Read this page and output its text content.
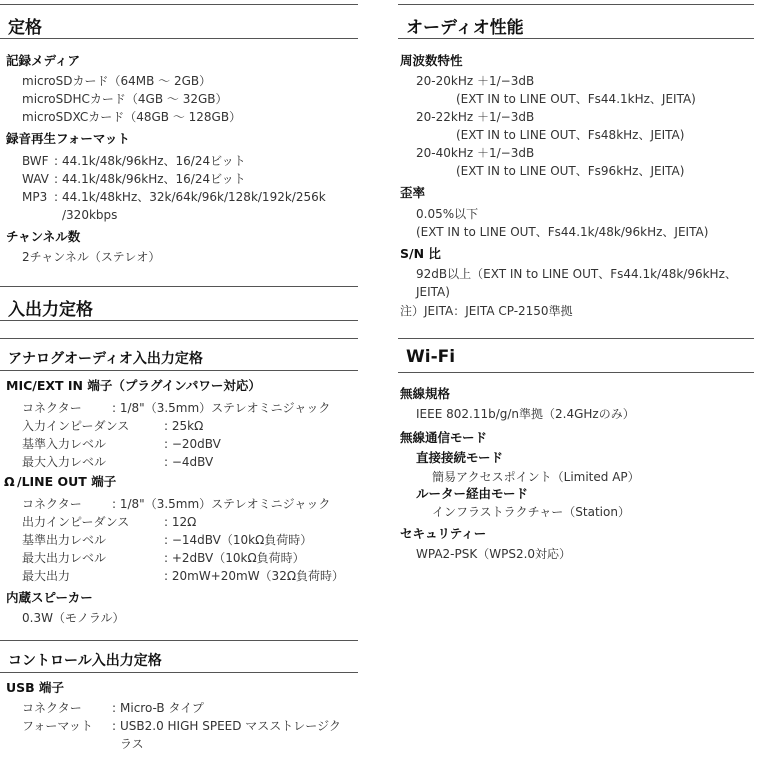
定格
記録メディア
microSDカード（64MB ～ 2GB）
microSDHCカード（4GB ～ 32GB）
microSDXCカード（48GB ～ 128GB）
録音再生フォーマット
BWF : 44.1k/48k/96kHz、16/24ビット
WAV : 44.1k/48k/96kHz、16/24ビット
MP3 : 44.1k/48kHz、32k/64k/96k/128k/192k/256k
/320kbps
チャンネル数
2チャンネル（ステレオ）
入出力定格
アナログオーディオ入出力定格
MIC/EXT IN 端子（プラグインパワー対応）
コネクター	: 1/8"（3.5mm）ステレオミニジャック
入力インピーダンス	: 25kΩ
基準入力レベル	: −20dBV
最大入力レベル	: −4dBV
Ω /LINE OUT 端子
コネクター	: 1/8"（3.5mm）ステレオミニジャック
出力インピーダンス	: 12Ω
基準出力レベル	: −14dBV（10kΩ負荷時）
最大出力レベル	: +2dBV（10kΩ負荷時）
最大出力	: 20mW+20mW（32Ω負荷時）
内蔵スピーカー
0.3W（モノラル）
コントロール入出力定格
USB 端子
コネクター	: Micro-B タイプ
フォーマット : USB2.0 HIGH SPEED マスストレージク
ラス
オーディオ性能
周波数特性
20-20kHz ＋1/−3dB
(EXT IN to LINE OUT、Fs44.1kHz、JEITA)
20-22kHz ＋1/−3dB
(EXT IN to LINE OUT、Fs48kHz、JEITA)
20-40kHz ＋1/−3dB
(EXT IN to LINE OUT、Fs96kHz、JEITA)
歪率
0.05%以下
(EXT IN to LINE OUT、Fs44.1k/48k/96kHz、JEITA)
S/N 比
92dB以上（EXT IN to LINE OUT、Fs44.1k/48k/96kHz、
JEITA)
注）JEITA：JEITA CP-2150準拠
Wi-Fi
無線規格
IEEE 802.11b/g/n準拠（2.4GHzのみ）
無線通信モード
直接接続モード
簡易アクセスポイント（Limited AP）
ルーター経由モード
インフラストラクチャー（Station）
セキュリティー
WPA2-PSK（WPS2.0対応）
